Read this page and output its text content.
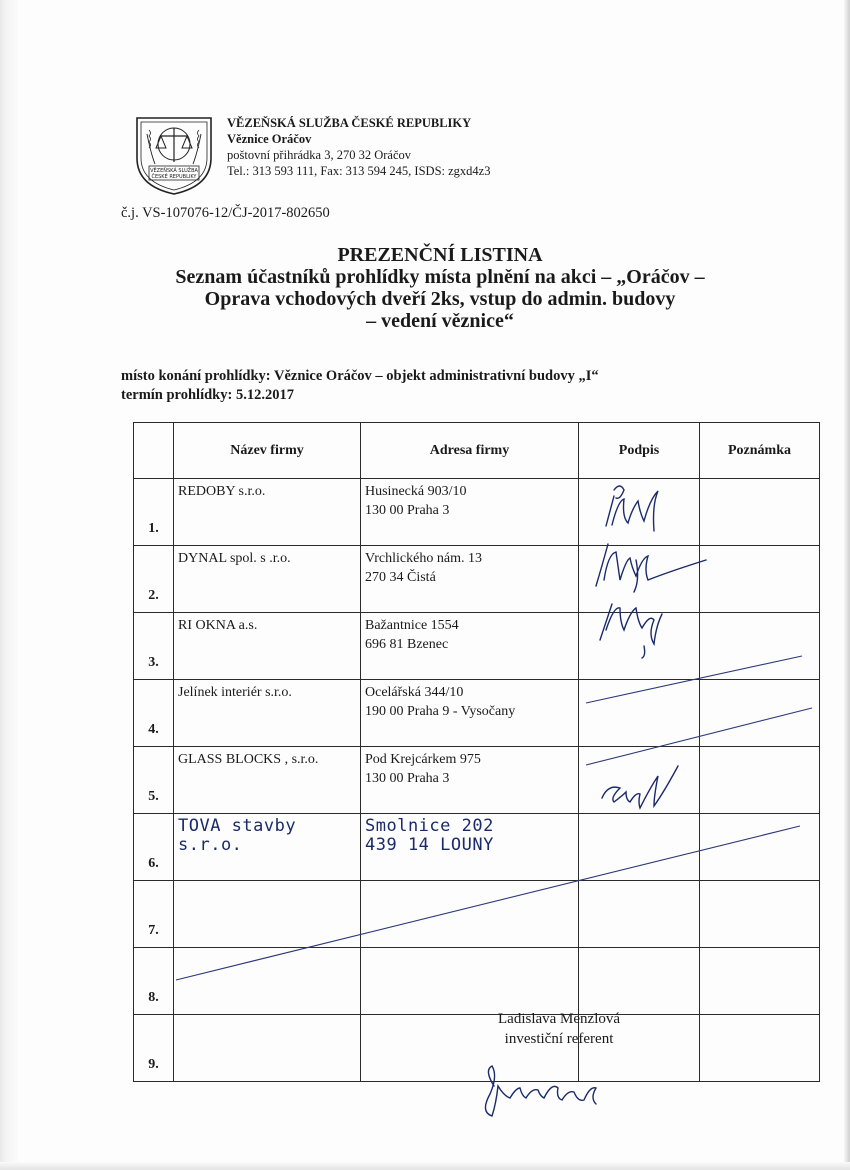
VĚZEŇSKÁ SLUŽBA
ČESKÉ REPUBLIKY
VĚZEŇSKÁ SLUŽBA ČESKÉ REPUBLIKY
Věznice Oráčov
poštovní přihrádka 3, 270 32 Oráčov
Tel.: 313 593 111, Fax: 313 594 245, ISDS: zgxd4z3
č.j. VS-107076-12/ČJ-2017-802650
PREZENČNÍ LISTINA
Seznam účastníků prohlídky místa plnění na akci – „Oráčov –
Oprava vchodových dveří 2ks, vstup do admin. budovy
– vedení věznice“
místo konání prohlídky: Věznice Oráčov – objekt administrativní budovy „I“
termín prohlídky: 5.12.2017
	Název firmy	Adresa firmy	Podpis	Poznámka
1.	REDOBY s.r.o.	Husinecká 903/10
130 00 Praha 3		

2.	DYNAL spol. s .r.o.	Vrchlického nám. 13
270 34 Čistá		

3.	RI OKNA a.s.	Bažantnice 1554
696 81 Bzenec		

4.	Jelínek interiér s.r.o.	Ocelářská 344/10
190 00 Praha 9 - Vysočany		

5.	GLASS BLOCKS , s.r.o.	Pod Krejcárkem 975
130 00 Praha 3		

6.	TOVA stavby s.r.o.	Smolnice 202
439 14 LOUNY		

7.		

8.		

9.		

Ladislava Menzlová
investiční referent
